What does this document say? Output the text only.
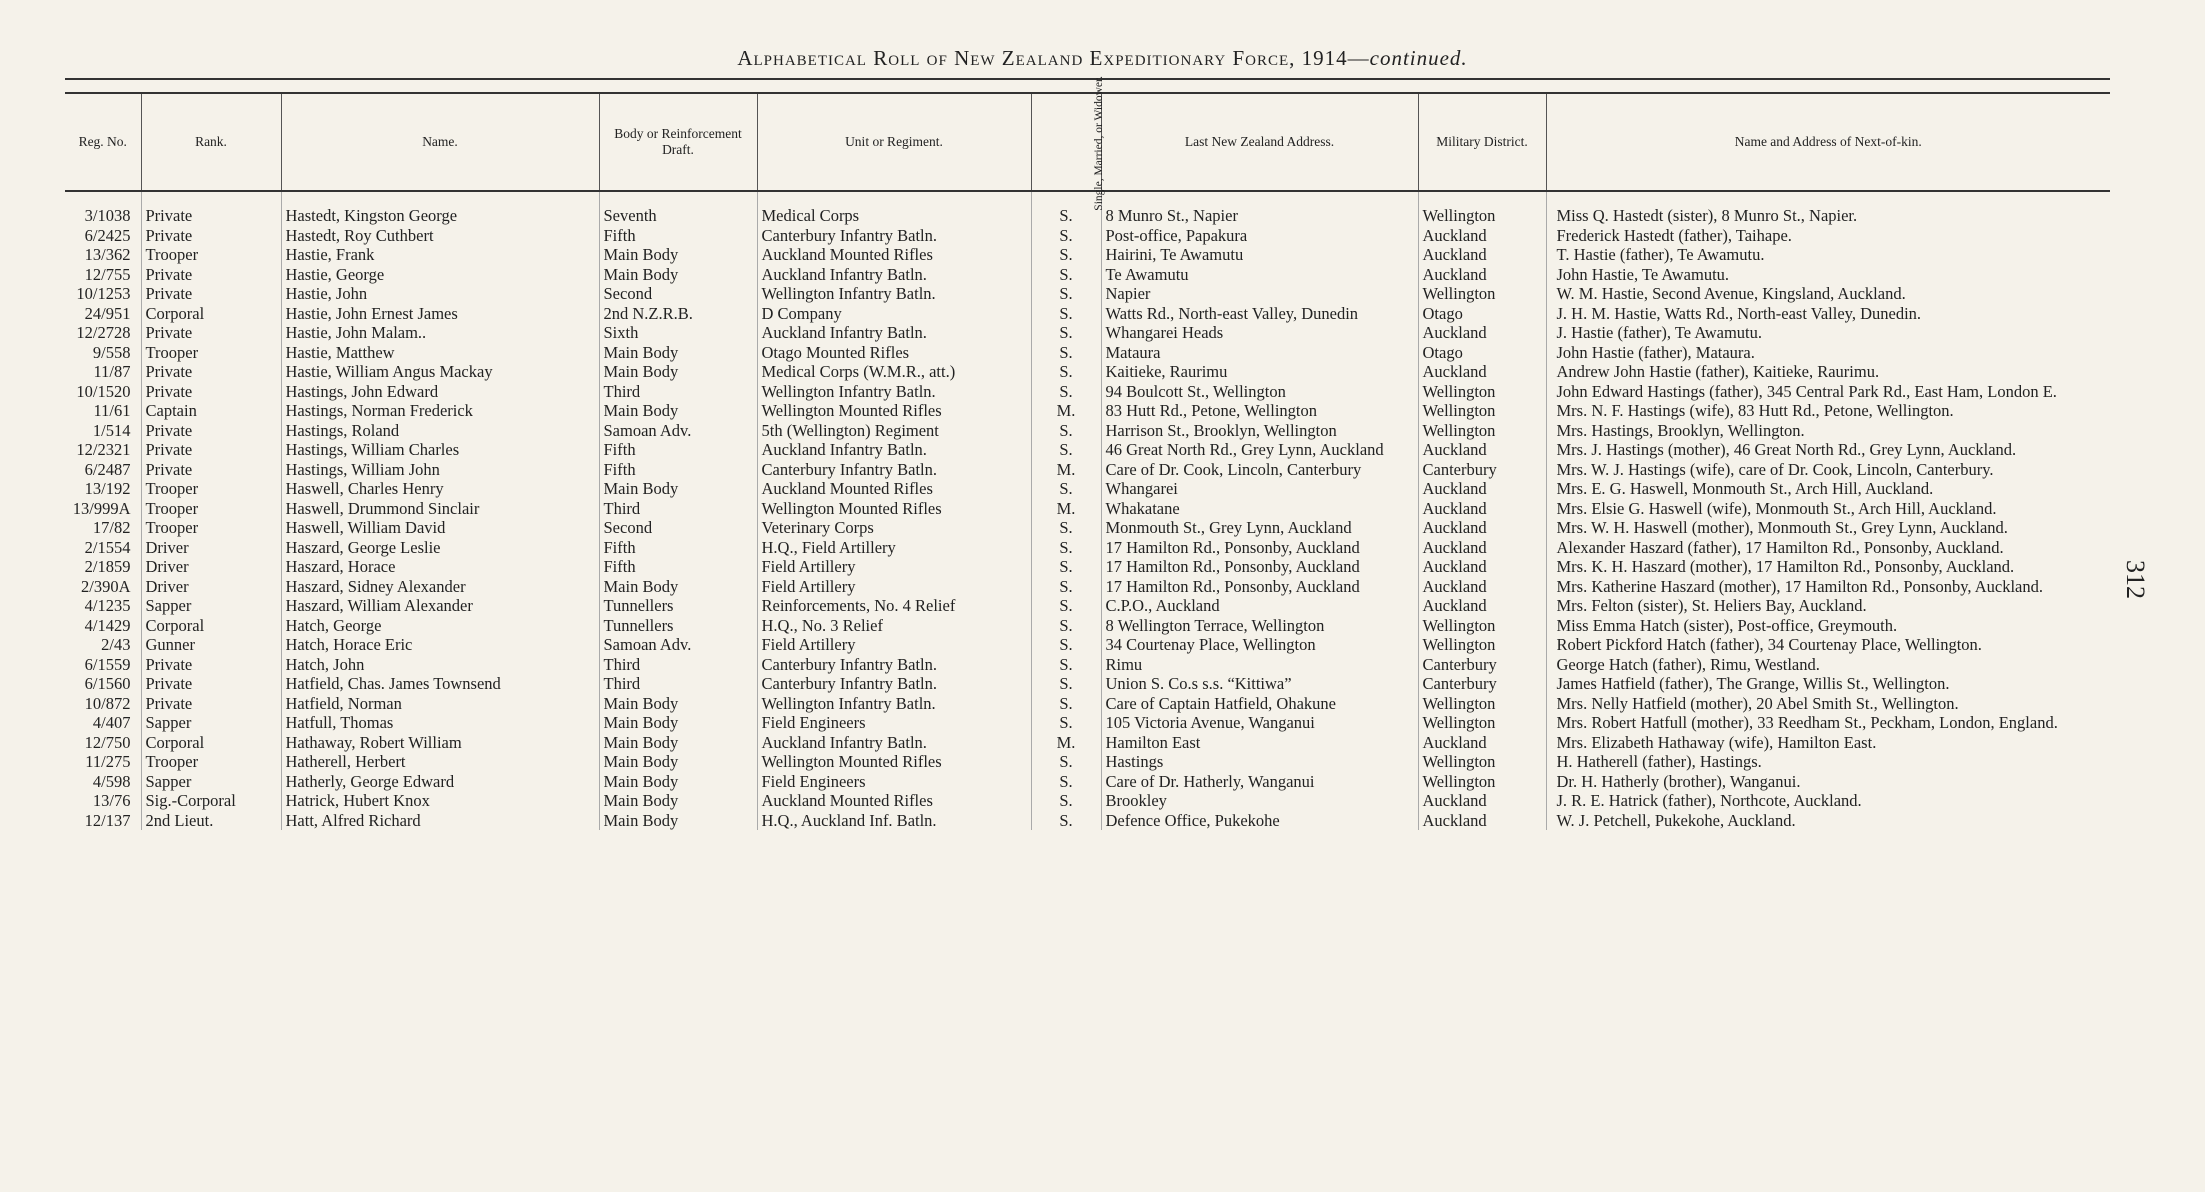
Alphabetical Roll of New Zealand Expeditionary Force, 1914—continued.
312
Reg. No.	Rank.	Name.	Body or Reinforcement Draft.	Unit or Regiment.	Single, Married, or Widower.	Last New Zealand Address.	Military District.	Name and Address of Next-of-kin.
3/1038	Private	Hastedt, Kingston George	Seventh	Medical Corps	S.	8 Munro St., Napier	Wellington	Miss Q. Hastedt (sister), 8 Munro St., Napier.
6/2425	Private	Hastedt, Roy Cuthbert	Fifth	Canterbury Infantry Batln.	S.	Post-office, Papakura	Auckland	Frederick Hastedt (father), Taihape.
13/362	Trooper	Hastie, Frank	Main Body	Auckland Mounted Rifles	S.	Hairini, Te Awamutu	Auckland	T. Hastie (father), Te Awamutu.
12/755	Private	Hastie, George	Main Body	Auckland Infantry Batln.	S.	Te Awamutu	Auckland	John Hastie, Te Awamutu.
10/1253	Private	Hastie, John	Second	Wellington Infantry Batln.	S.	Napier	Wellington	W. M. Hastie, Second Avenue, Kingsland, Auckland.
24/951	Corporal	Hastie, John Ernest James	2nd N.Z.R.B.	D Company	S.	Watts Rd., North-east Valley, Dunedin	Otago	J. H. M. Hastie, Watts Rd., North-east Valley, Dunedin.
12/2728	Private	Hastie, John Malam..	Sixth	Auckland Infantry Batln.	S.	Whangarei Heads	Auckland	J. Hastie (father), Te Awamutu.
9/558	Trooper	Hastie, Matthew	Main Body	Otago Mounted Rifles	S.	Mataura	Otago	John Hastie (father), Mataura.
11/87	Private	Hastie, William Angus Mackay	Main Body	Medical Corps (W.M.R., att.)	S.	Kaitieke, Raurimu	Auckland	Andrew John Hastie (father), Kaitieke, Raurimu.
10/1520	Private	Hastings, John Edward	Third	Wellington Infantry Batln.	S.	94 Boulcott St., Wellington	Wellington	John Edward Hastings (father), 345 Central Park Rd., East Ham, London E.
11/61	Captain	Hastings, Norman Frederick	Main Body	Wellington Mounted Rifles	M.	83 Hutt Rd., Petone, Wellington	Wellington	Mrs. N. F. Hastings (wife), 83 Hutt Rd., Petone, Wellington.
1/514	Private	Hastings, Roland	Samoan Adv.	5th (Wellington) Regiment	S.	Harrison St., Brooklyn, Wellington	Wellington	Mrs. Hastings, Brooklyn, Wellington.
12/2321	Private	Hastings, William Charles	Fifth	Auckland Infantry Batln.	S.	46 Great North Rd., Grey Lynn, Auckland	Auckland	Mrs. J. Hastings (mother), 46 Great North Rd., Grey Lynn, Auckland.
6/2487	Private	Hastings, William John	Fifth	Canterbury Infantry Batln.	M.	Care of Dr. Cook, Lincoln, Canterbury	Canterbury	Mrs. W. J. Hastings (wife), care of Dr. Cook, Lincoln, Canterbury.
13/192	Trooper	Haswell, Charles Henry	Main Body	Auckland Mounted Rifles	S.	Whangarei	Auckland	Mrs. E. G. Haswell, Monmouth St., Arch Hill, Auckland.
13/999A	Trooper	Haswell, Drummond Sinclair	Third	Wellington Mounted Rifles	M.	Whakatane	Auckland	Mrs. Elsie G. Haswell (wife), Monmouth St., Arch Hill, Auckland.
17/82	Trooper	Haswell, William David	Second	Veterinary Corps	S.	Monmouth St., Grey Lynn, Auckland	Auckland	Mrs. W. H. Haswell (mother), Monmouth St., Grey Lynn, Auckland.
2/1554	Driver	Haszard, George Leslie	Fifth	H.Q., Field Artillery	S.	17 Hamilton Rd., Ponsonby, Auckland	Auckland	Alexander Haszard (father), 17 Hamilton Rd., Ponsonby, Auckland.
2/1859	Driver	Haszard, Horace	Fifth	Field Artillery	S.	17 Hamilton Rd., Ponsonby, Auckland	Auckland	Mrs. K. H. Haszard (mother), 17 Hamilton Rd., Ponsonby, Auckland.
2/390A	Driver	Haszard, Sidney Alexander	Main Body	Field Artillery	S.	17 Hamilton Rd., Ponsonby, Auckland	Auckland	Mrs. Katherine Haszard (mother), 17 Hamilton Rd., Ponsonby, Auckland.
4/1235	Sapper	Haszard, William Alexander	Tunnellers	Reinforcements, No. 4 Relief	S.	C.P.O., Auckland	Auckland	Mrs. Felton (sister), St. Heliers Bay, Auckland.
4/1429	Corporal	Hatch, George	Tunnellers	H.Q., No. 3 Relief	S.	8 Wellington Terrace, Wellington	Wellington	Miss Emma Hatch (sister), Post-office, Greymouth.
2/43	Gunner	Hatch, Horace Eric	Samoan Adv.	Field Artillery	S.	34 Courtenay Place, Wellington	Wellington	Robert Pickford Hatch (father), 34 Courtenay Place, Wellington.
6/1559	Private	Hatch, John	Third	Canterbury Infantry Batln.	S.	Rimu	Canterbury	George Hatch (father), Rimu, Westland.
6/1560	Private	Hatfield, Chas. James Townsend	Third	Canterbury Infantry Batln.	S.	Union S. Co.s s.s. “Kittiwa”	Canterbury	James Hatfield (father), The Grange, Willis St., Wellington.
10/872	Private	Hatfield, Norman	Main Body	Wellington Infantry Batln.	S.	Care of Captain Hatfield, Ohakune	Wellington	Mrs. Nelly Hatfield (mother), 20 Abel Smith St., Wellington.
4/407	Sapper	Hatfull, Thomas	Main Body	Field Engineers	S.	105 Victoria Avenue, Wanganui	Wellington	Mrs. Robert Hatfull (mother), 33 Reedham St., Peckham, London, England.
12/750	Corporal	Hathaway, Robert William	Main Body	Auckland Infantry Batln.	M.	Hamilton East	Auckland	Mrs. Elizabeth Hathaway (wife), Hamilton East.
11/275	Trooper	Hatherell, Herbert	Main Body	Wellington Mounted Rifles	S.	Hastings	Wellington	H. Hatherell (father), Hastings.
4/598	Sapper	Hatherly, George Edward	Main Body	Field Engineers	S.	Care of Dr. Hatherly, Wanganui	Wellington	Dr. H. Hatherly (brother), Wanganui.
13/76	Sig.-Corporal	Hatrick, Hubert Knox	Main Body	Auckland Mounted Rifles	S.	Brookley	Auckland	J. R. E. Hatrick (father), Northcote, Auckland.
12/137	2nd Lieut.	Hatt, Alfred Richard	Main Body	H.Q., Auckland Inf. Batln.	S.	Defence Office, Pukekohe	Auckland	W. J. Petchell, Pukekohe, Auckland.
